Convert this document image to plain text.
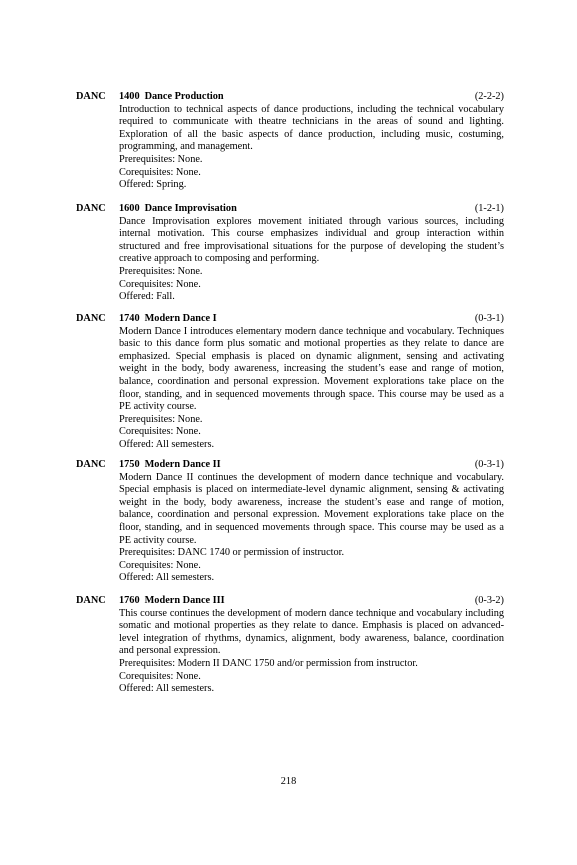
DANC 1400 Dance Production	(2-2-2)

Introduction to technical aspects of dance productions, including the technical vocabulary required to communicate with theatre technicians in the areas of sound and lighting. Exploration of all the basic aspects of dance production, including music, costuming, programming, and management.

Prerequisites: None.

Corequisites: None.

Offered: Spring.

DANC 1600 Dance Improvisation	(1-2-1)

Dance Improvisation explores movement initiated through various sources, including internal motivation. This course emphasizes individual and group interaction within structured and free improvisational situations for the purpose of developing the student’s creative approach to composing and performing.

Prerequisites: None.

Corequisites: None.

Offered: Fall.

DANC 1740 Modern Dance I	(0-3-1)

Modern Dance I introduces elementary modern dance technique and vocabulary. Techniques basic to this dance form plus somatic and motional properties as they relate to dance are emphasized. Special emphasis is placed on dynamic alignment, sensing and activating weight in the body, body awareness, increasing the student’s ease and range of motion, balance, coordination and personal expression. Movement explorations take place on the floor, standing, and in sequenced movements through space. This course may be used as a PE activity course.

Prerequisites: None.

Corequisites: None.

Offered: All semesters.

DANC 1750 Modern Dance II	(0-3-1)

Modern Dance II continues the development of modern dance technique and vocabulary. Special emphasis is placed on intermediate-level dynamic alignment, sensing & activating weight in the body, body awareness, increase the student’s ease and range of motion, balance, coordination and personal expression. Movement explorations take place on the floor, standing, and in sequenced movements through space. This course may be used as a PE activity course.

Prerequisites: DANC 1740 or permission of instructor.

Corequisites: None.

Offered: All semesters.

DANC 1760 Modern Dance III	(0-3-2)

This course continues the development of modern dance technique and vocabulary including somatic and motional properties as they relate to dance. Emphasis is placed on advanced-level integration of rhythms, dynamics, alignment, body awareness, balance, coordination and personal expression.

Prerequisites: Modern II DANC 1750 and/or permission from instructor.

Corequisites: None.

Offered: All semesters.

218
